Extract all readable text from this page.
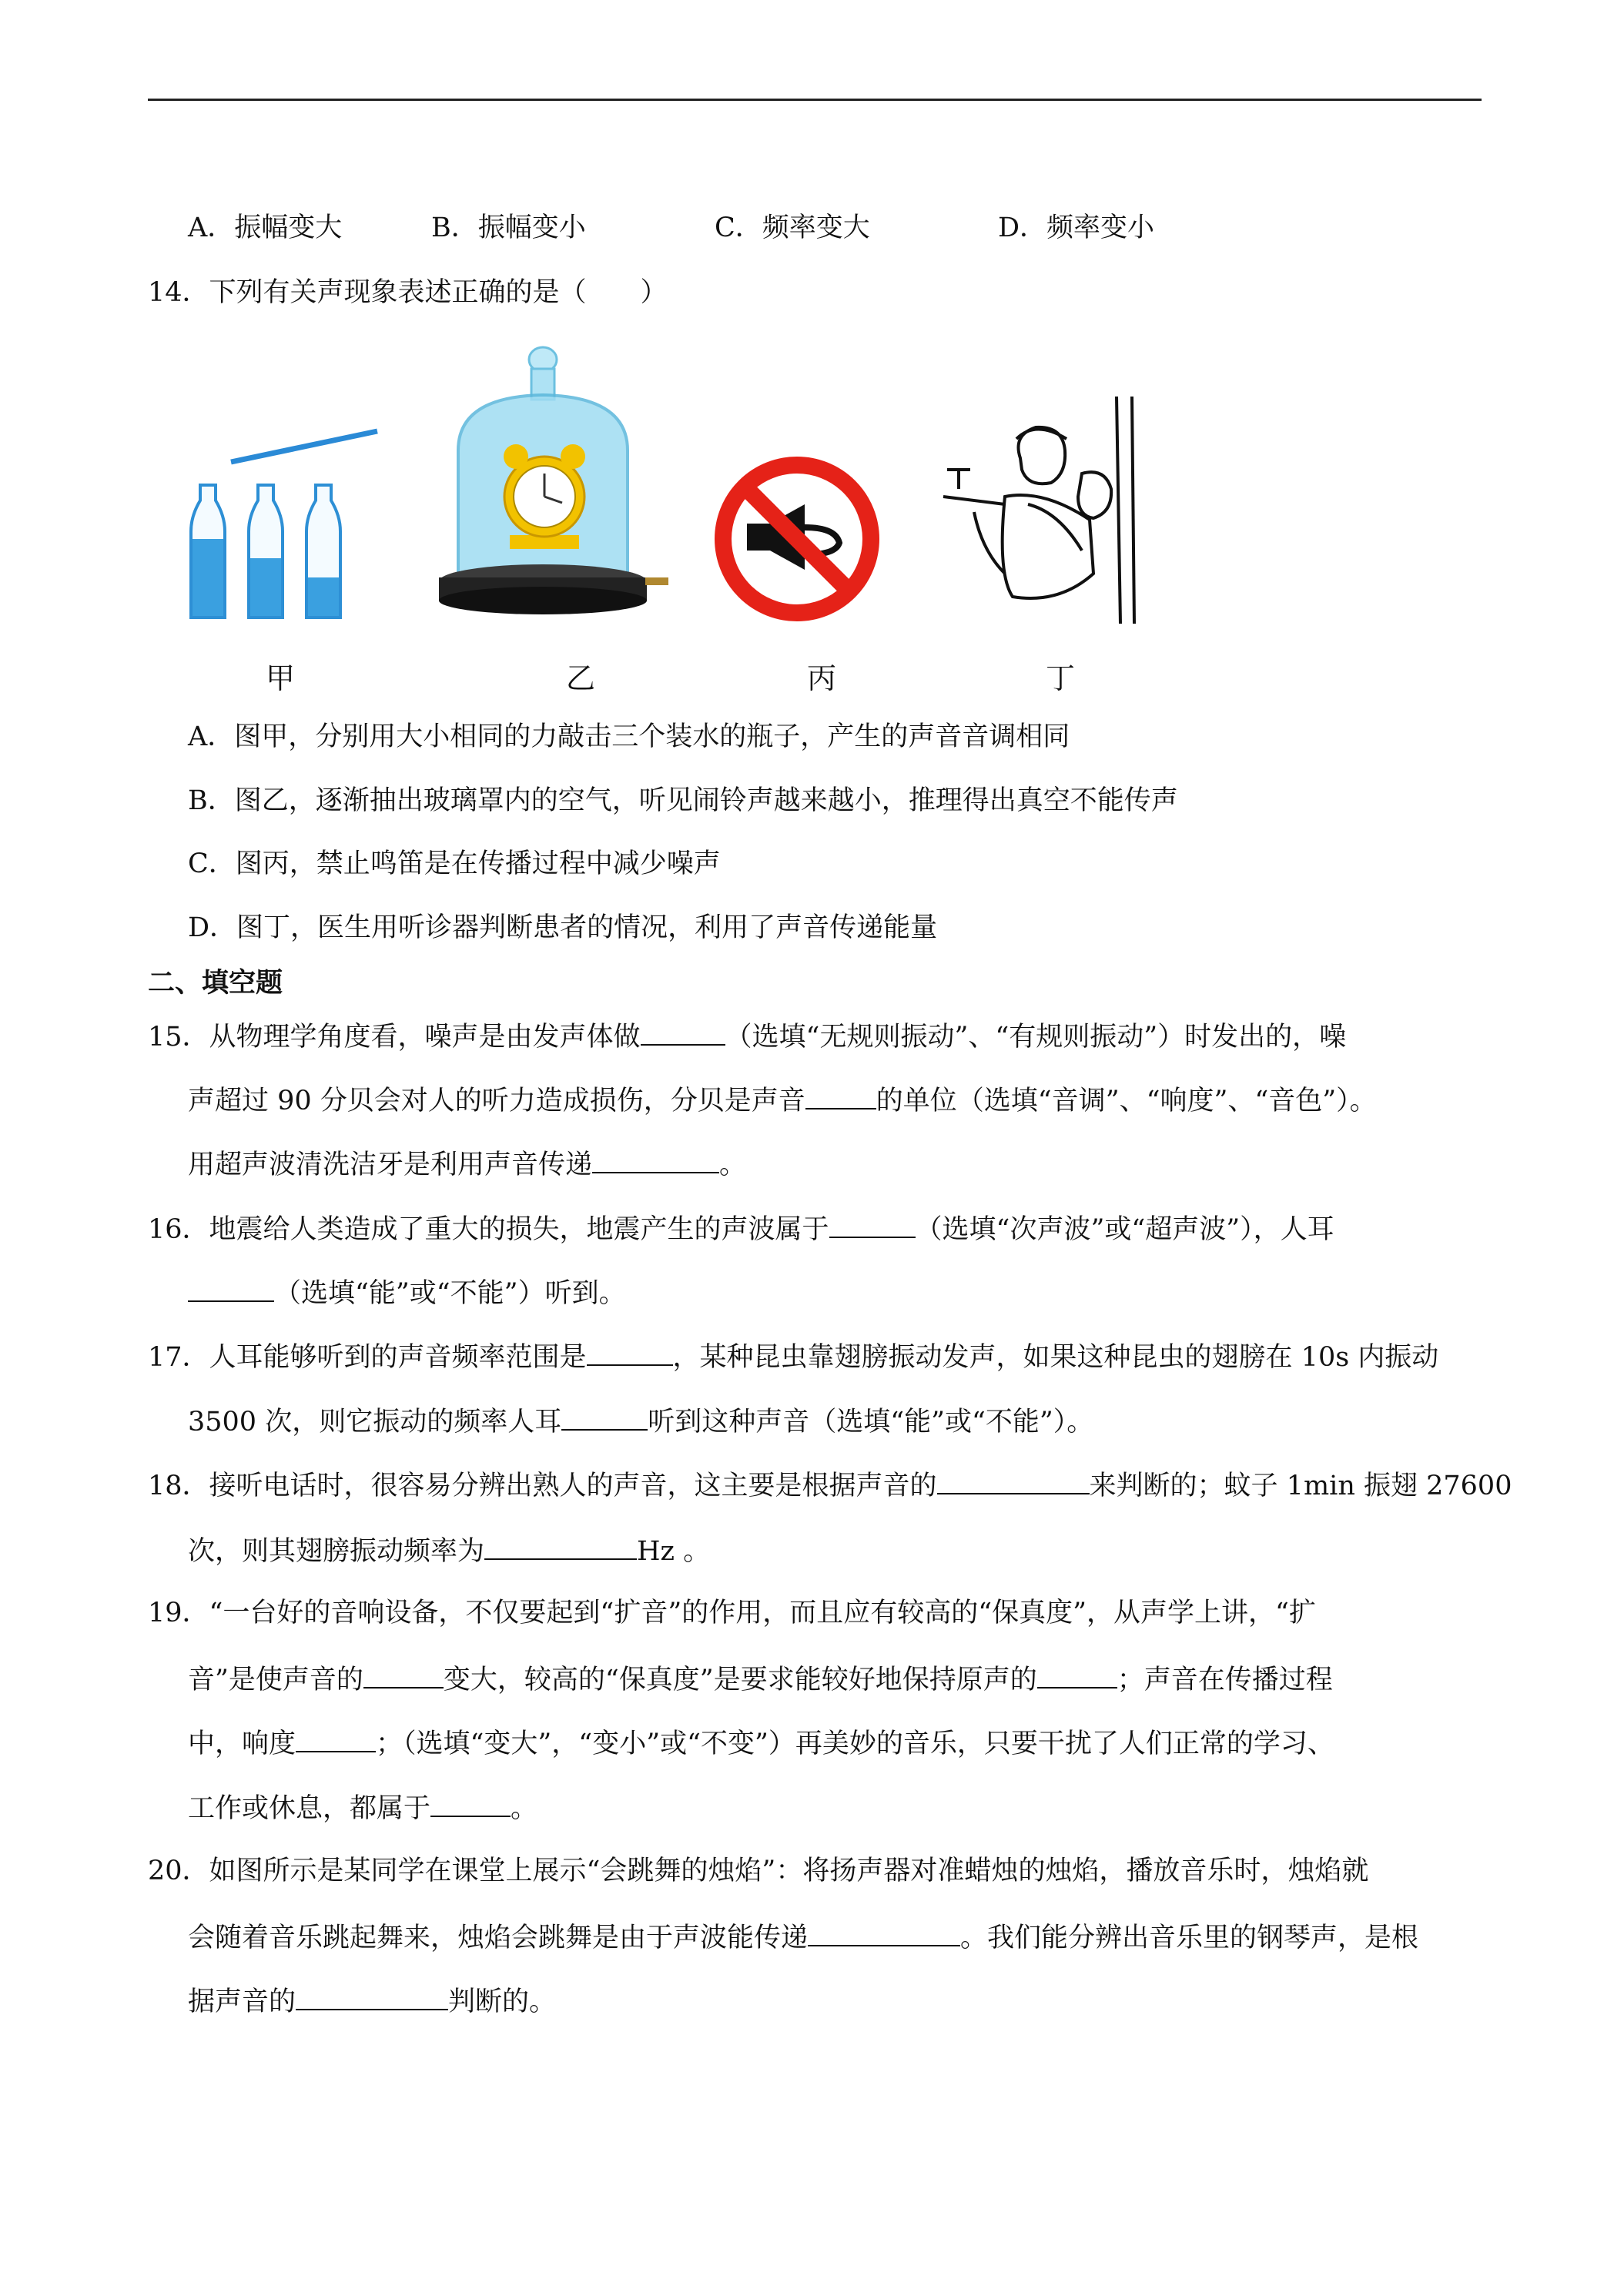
A．振幅变大	B．振幅变小	C．频率变大	D．频率变小
14．下列有关声现象表述正确的是（　　）
甲	乙	丙	丁
A．图甲，分别用大小相同的力敲击三个装水的瓶子，产生的声音音调相同
B．图乙，逐渐抽出玻璃罩内的空气，听见闹铃声越来越小，推理得出真空不能传声
C．图丙，禁止鸣笛是在传播过程中减少噪声
D．图丁，医生用听诊器判断患者的情况，利用了声音传递能量
二、填空题
15．从物理学角度看，噪声是由发声体做	（选填“无规则振动”、“有规则振动”）时发出的，噪
声超过 90 分贝会对人的听力造成损伤，分贝是声音	的单位（选填“音调”、“响度”、“音色”）。
用超声波清洗洁牙是利用声音传递	。
16．地震给人类造成了重大的损失，地震产生的声波属于	（选填“次声波”或“超声波”），人耳
（选填“能”或“不能”）听到。
17．人耳能够听到的声音频率范围是	，某种昆虫靠翅膀振动发声，如果这种昆虫的翅膀在 10s 内振动
3500 次，则它振动的频率人耳	听到这种声音（选填“能”或“不能”）。
18．接听电话时，很容易分辨出熟人的声音，这主要是根据声音的	来判断的；蚊子 1min 振翅 27600
次，则其翅膀振动频率为	Hz 。
19．“一台好的音响设备，不仅要起到“扩音”的作用，而且应有较高的“保真度”，从声学上讲，“扩
音”是使声音的	变大，较高的“保真度”是要求能较好地保持原声的	；声音在传播过程
中，响度	；（选填“变大”，“变小”或“不变”）再美妙的音乐，只要干扰了人们正常的学习、
工作或休息，都属于	。
20．如图所示是某同学在课堂上展示“会跳舞的烛焰”：将扬声器对准蜡烛的烛焰，播放音乐时，烛焰就
会随着音乐跳起舞来，烛焰会跳舞是由于声波能传递	。我们能分辨出音乐里的钢琴声，是根
据声音的	判断的。
